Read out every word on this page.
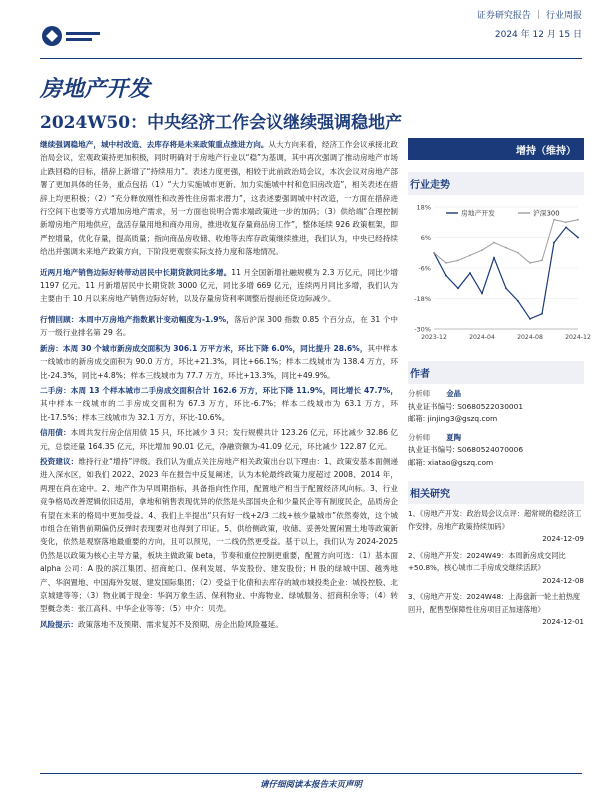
证券研究报告 | 行业周报
2024 年 12 月 15 日
房地产开发
2024W50：中央经济工作会议继续强调稳地产

继续强调稳地产，城中村改造、去库存将是未来政策重点推进方向。从大方向来看，经济工作会议承接北政治局会议，宏观政策持更加积极，同时明确对于房地产行业以“稳”为基调，其中再次强调了推动房地产市场止跌回稳的目标，措辞上新增了“持续用力”。表述力度更强，相较于此前政治局会议，本次会议对房地产部署了更加具体的任务，重点包括（1）“大力实施城市更新、加力实施城中村和危旧房改造”，相关表述在措辞上均更积极；（2）“充分释放刚性和改善性住房需求潜力”，这表述要强调城中村改造，一方面在措辞进行空间下也要等方式增加房地产需求，另一方面也说明合需求端政策进一步的加码；（3）供给端“合理控制新增房地产用地供应，盘活存量用地和商办用房，推进收复存量商品房工作”，整体延续 926 政策框架，即严控增量，优化存量，提高质量；指向商品房收储、收地等去库存政策继续推进，我们认为，中央已经持续给出并强调未来地产政策方向，下阶段更观察实际支持力度和落地情况。

近两月地产销售边际好转带动居民中长期贷款同比多增。11 月全国新增社融规模为 2.3 万亿元，同比少增 1197 亿元。11 月新增居民中长期贷款 3000 亿元，同比多增 669 亿元，连续两月同比多增，我们认为主要由于 10 月以来房地产销售边际好转，以及存量房贷利率调整后提前还贷边际减少。

行情回顾：本周中万房地产指数累计变动幅度为-1.9%，落后沪深 300 指数 0.85 个百分点，在 31 个中万一级行业排名第 29 名。

新房：本周 30 个城市新房成交面积为 306.1 万平方米，环比下降 6.0%，同比提升 28.6%，其中样本一线城市的新房成交面积为 90.0 万方，环比+21.3%，同比+66.1%；样本二线城市为 138.4 万方，环比-24.3%，同比+4.8%；样本三线城市为 77.7 万方，环比+13.3%，同比+49.9%。

二手房：本周 13 个样本城市二手房成交面积合计 162.6 万方，环比下降 11.9%，同比增长 47.7%，其中样本一线城市的二手房成交面积为 67.3 万方，环比-6.7%；样本二线城市为 63.1 万方，环比-17.5%；样本三线城市为 32.1 万方，环比-10.6%。

信用债：本周共发行房企信用债 15 只，环比减少 3 只；发行规模共计 123.26 亿元，环比减少 32.86 亿元，总偿还量 164.35 亿元，环比增加 90.01 亿元，净融资额为-41.09 亿元，环比减少 122.87 亿元。

投资建议：维持行业“增持”评级。我们认为重点关注房地产相关政策出台以下理由：1、政策安基本面侧递进入深水区，如我们 2022、2023 年在报告中反复阐述，认为本轮最终政策力度超过 2008、2014 年，两理在尚在途中。2、地产作为早周期指标，具备指向性作用，配置地产相当于配置经济风向标。3、行业竞争格局改善逻辑依旧适用，拿地和销售表现优异的依然是头部国央企和少量民企等有制度民企，品质房企有望在未来的格局中更加受益。4、我们上半提出“只有好一线+2/3 二线+核少量城市”依然奏效，这个城市组合在销售前期偏仍反弹时表现要对也得到了印证。5、供给侧政策，收储、妥善处置闲置土地等政策新变化，依然是观察落地最重要的方向，且可以预见，一二线仍然更受益。基于以上，我们认为 2024-2025 仍然是以政策为核心主导方量，板块主做政策 beta，节奏和重位控制更重要，配置方向可选：（1）基本面 alpha 公司：A 股的滨江集团、招商蛇口、保利发展、华发股份、建发股份；H 股的绿城中国、越秀地产、华润置地、中国海外发展、建发国际集团；（2）受益于化债和去库存的城市城投类企业：城投控股、北京城建等等；（3）物业属于现金：华润万象生活、保利物业、中海物业、绿城服务、招商积余等；（4）转型概念类：张江高科、中华企业等等；（5）中介：贝壳。

风险提示：政策落地不及预期、需求复苏不及预期、房企出险风险蔓延。

增持（维持）
行业走势
18%
6%
-6%
-18%
-30%
2023-12	2024-04	2024-08	2024-12
房地产开发	沪深300
作者
分析师 金晶
执业证书编号: S0680522030001
邮箱: jinjing3@gszq.com
分析师 夏陶
执业证书编号: S0680524070006
邮箱: xiatao@gszq.com
相关研究
1、《房地产开发：政治局会议点评：超常规的稳经济工作安排，房地产政策持续加码》
2024-12-09
2、《房地产开发：2024W49：本周新房成交同比+50.8%，核心城市二手房成交继续活跃》
2024-12-08
3、《房地产开发：2024W48：上海盘新一轮土拍热度回升，配售型保障性住房项目正加速落地》
2024-12-01
请仔细阅读本报告末页声明
